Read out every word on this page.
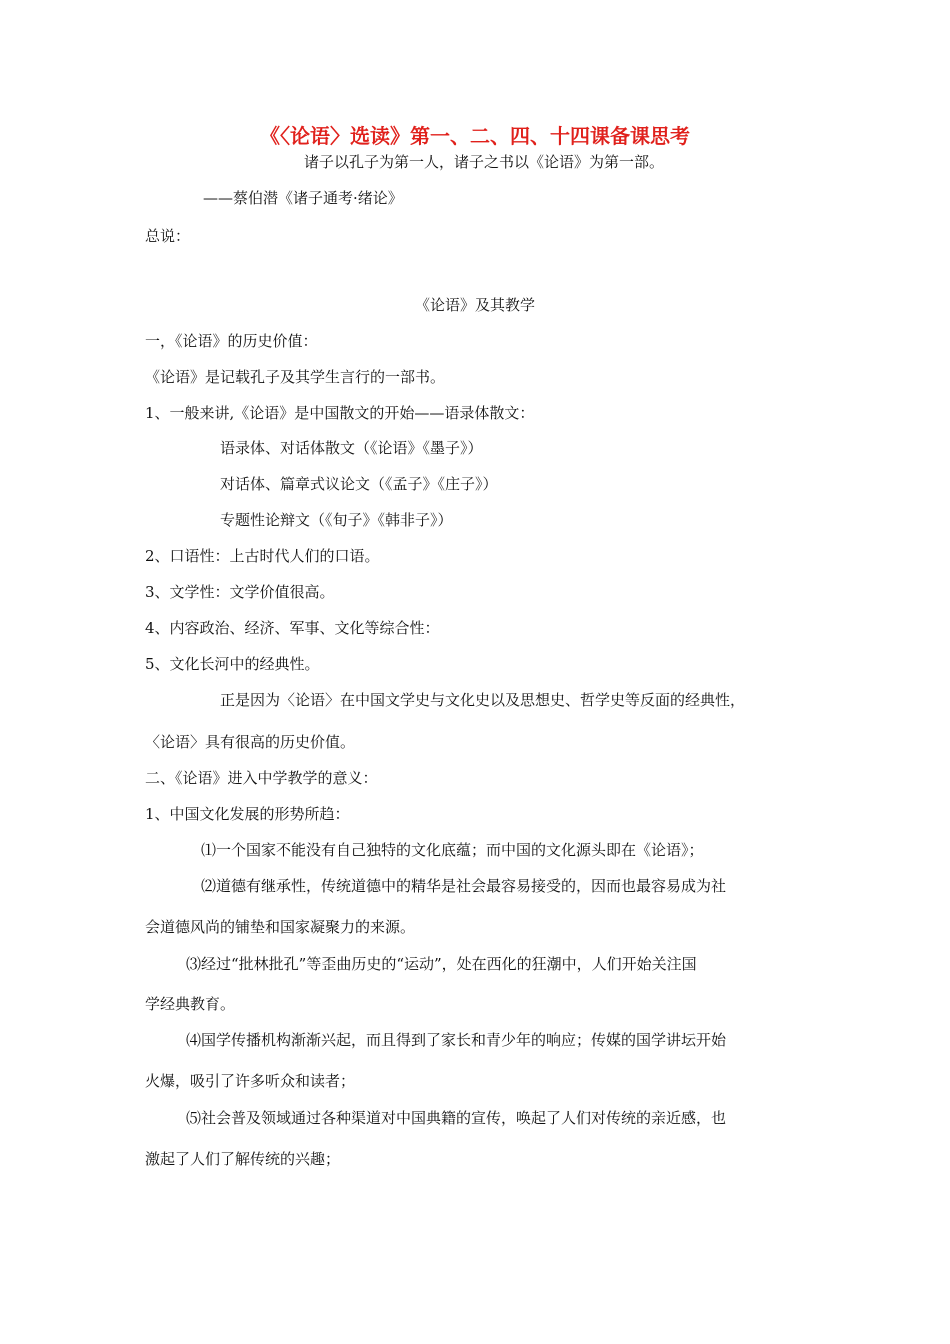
《〈论语〉选读》第一、二、四、十四课备课思考
诸子以孔子为第一人，诸子之书以《论语》为第一部。
——蔡伯潜《诸子通考·绪论》
总说：
《论语》及其教学
一，《论语》的历史价值：
《论语》是记载孔子及其学生言行的一部书。
1、一般来讲,《论语》是中国散文的开始——语录体散文：
语录体、对话体散文（《论语》《墨子》）
对话体、篇章式议论文（《孟子》《庄子》）
专题性论辩文（《旬子》《韩非子》）
2、口语性：上古时代人们的口语。
3、文学性：文学价值很高。
4、内容政治、经济、军事、文化等综合性：
5、文化长河中的经典性。
正是因为〈论语〉在中国文学史与文化史以及思想史、哲学史等反面的经典性，
〈论语〉具有很高的历史价值。
二、《论语》进入中学教学的意义：
1、中国文化发展的形势所趋：
⑴一个国家不能没有自己独特的文化底蕴；而中国的文化源头即在《论语》；
⑵道德有继承性，传统道德中的精华是社会最容易接受的，因而也最容易成为社
会道德风尚的铺垫和国家凝聚力的来源。
⑶经过“批林批孔”等歪曲历史的“运动”，处在西化的狂潮中，人们开始关注国
学经典教育。
⑷国学传播机构渐渐兴起，而且得到了家长和青少年的响应；传媒的国学讲坛开始
火爆，吸引了许多听众和读者；
⑸社会普及领域通过各种渠道对中国典籍的宣传，唤起了人们对传统的亲近感，也
激起了人们了解传统的兴趣；
